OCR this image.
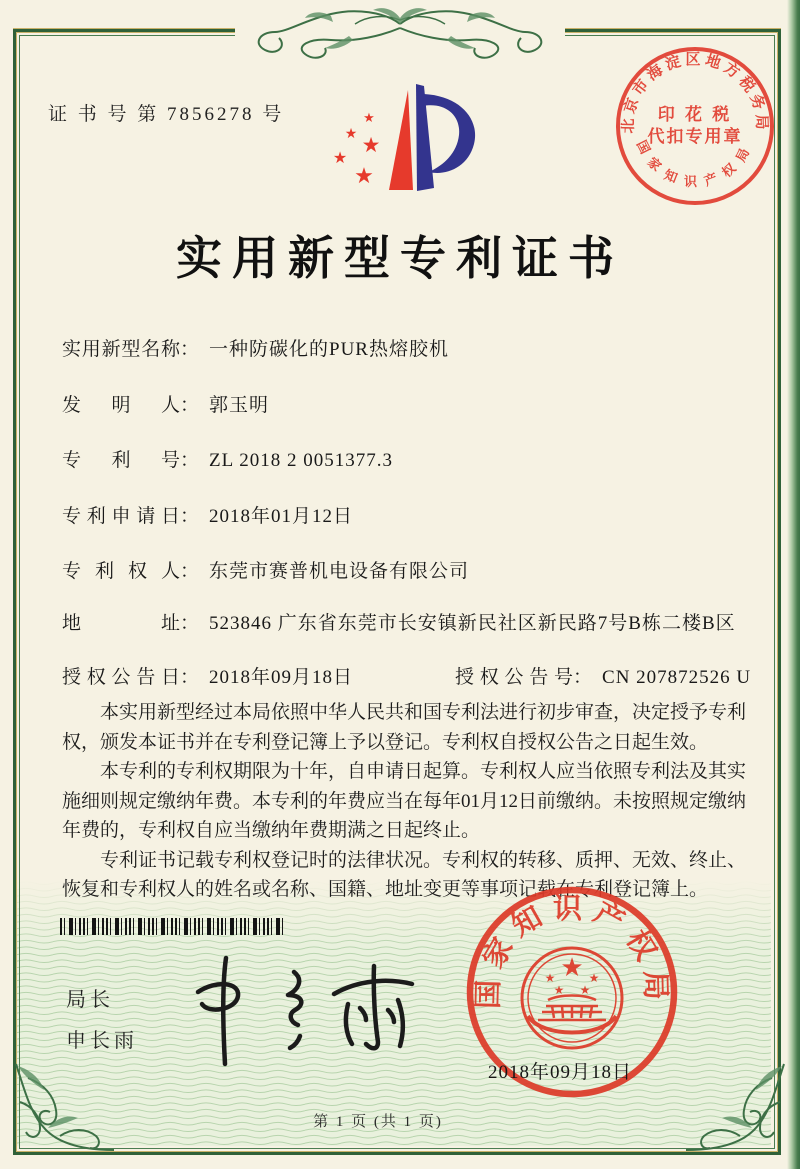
证 书 号 第 7856278 号	★
★ ★
★
★
实用新型专利证书
实用新型名称 ： 一种防碳化的PUR热熔胶机
发明人 ： 郭玉明
专利号 ： ZL 2018 2 0051377.3
专利申请日 ： 2018年01月12日
专利权人 ： 东莞市赛普机电设备有限公司
地址 ： 523846 广东省东莞市长安镇新民社区新民路7号B栋二楼B区
授权公告日 ： 2018年09月18日	授权公告号 ： CN 207872526 U

本实用新型经过本局依照中华人民共和国专利法进行初步审查，决定授予专利权，颁发本证书并在专利登记簿上予以登记。专利权自授权公告之日起生效。

本专利的专利权期限为十年，自申请日起算。专利权人应当依照专利法及其实施细则规定缴纳年费。本专利的年费应当在每年01月12日前缴纳。未按照规定缴纳年费的，专利权自应当缴纳年费期满之日起终止。

专利证书记载专利权登记时的法律状况。专利权的转移、质押、无效、终止、恢复和专利权人的姓名或名称、国籍、地址变更等事项记载在专利登记簿上。

局长
申长雨
国家知识产权局
★
★	★
★ ★
2018年09月18日
北京市海淀区地方税务局
国家知识产权局
印 花 税
代扣专用章
第 1 页 (共 1 页)
